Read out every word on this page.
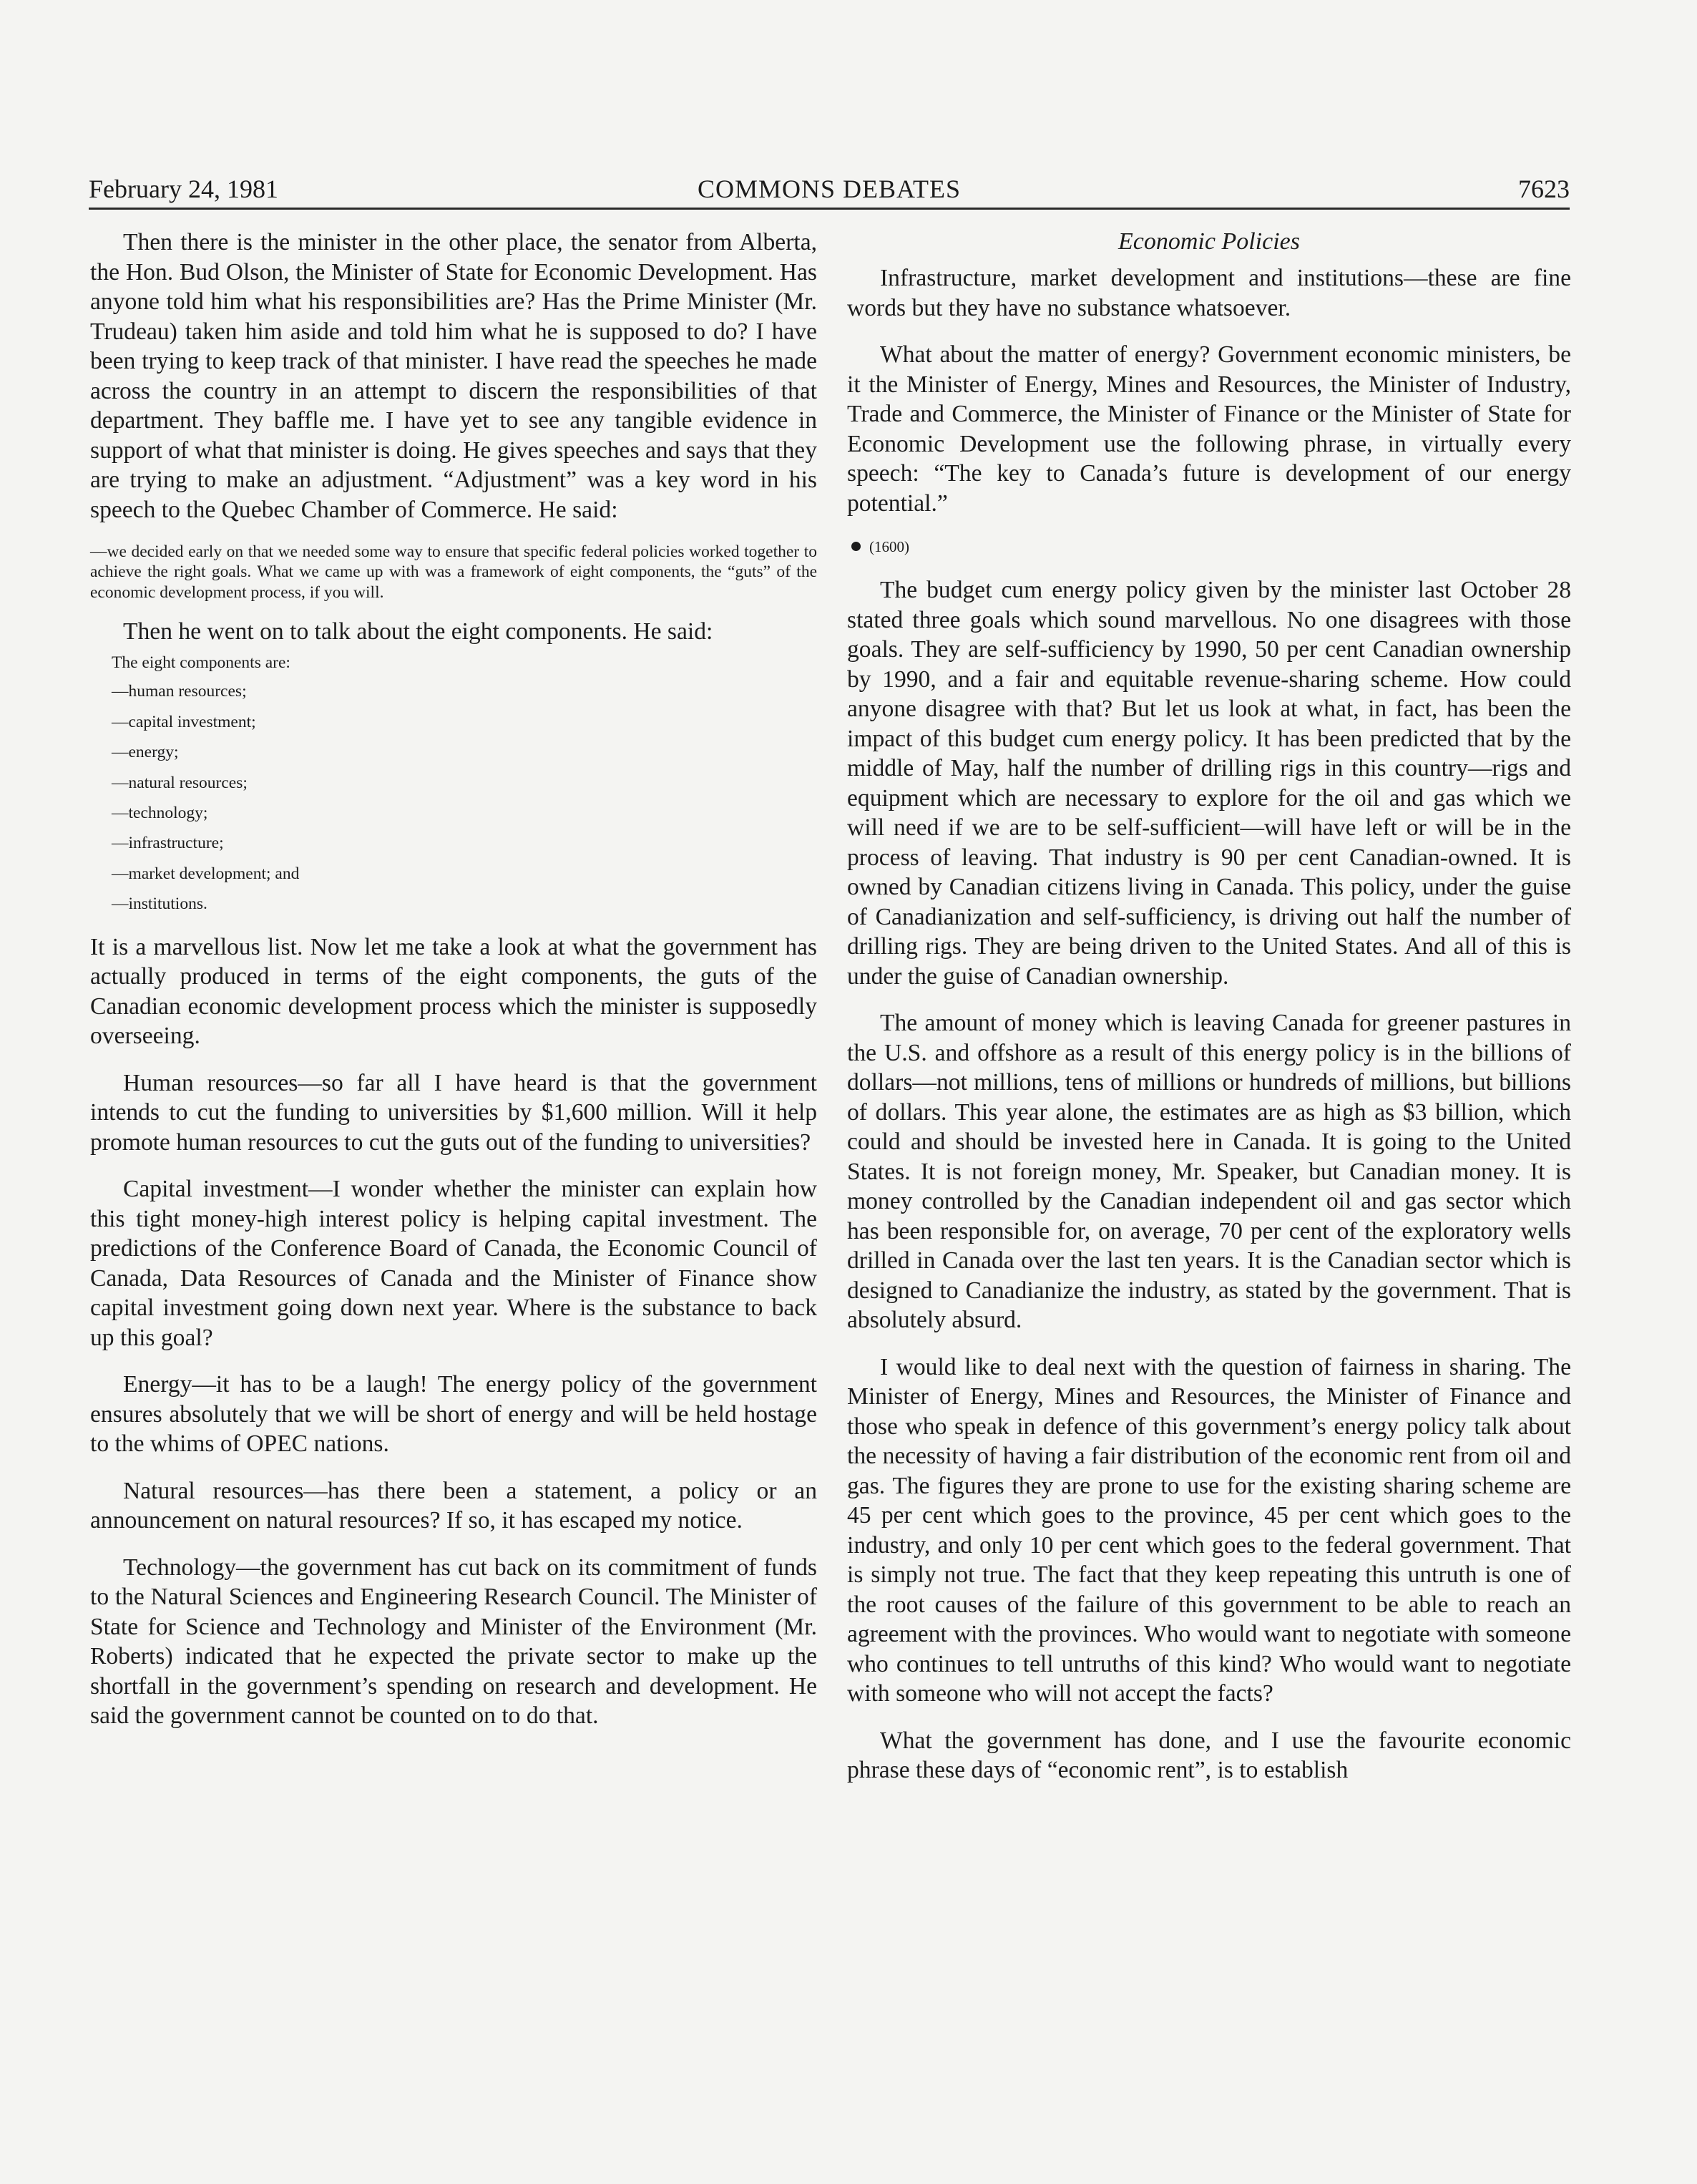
February 24, 1981	COMMONS DEBATES	7623

Then there is the minister in the other place, the senator from Alberta, the Hon. Bud Olson, the Minister of State for Economic Development. Has anyone told him what his responsibilities are? Has the Prime Minister (Mr. Trudeau) taken him aside and told him what he is supposed to do? I have been trying to keep track of that minister. I have read the speeches he made across the country in an attempt to discern the responsibilities of that department. They baffle me. I have yet to see any tangible evidence in support of what that minister is doing. He gives speeches and says that they are trying to make an adjustment. “Adjustment” was a key word in his speech to the Quebec Chamber of Commerce. He said:

—we decided early on that we needed some way to ensure that specific federal policies worked together to achieve the right goals. What we came up with was a framework of eight components, the “guts” of the economic development process, if you will.

Then he went on to talk about the eight components. He said:

The eight components are:
—human resources;
—capital investment;
—energy;
—natural resources;
—technology;
—infrastructure;
—market development; and
—institutions.

It is a marvellous list. Now let me take a look at what the government has actually produced in terms of the eight components, the guts of the Canadian economic development process which the minister is supposedly overseeing.

Human resources—so far all I have heard is that the government intends to cut the funding to universities by $1,600 million. Will it help promote human resources to cut the guts out of the funding to universities?

Capital investment—I wonder whether the minister can explain how this tight money-high interest policy is helping capital investment. The predictions of the Conference Board of Canada, the Economic Council of Canada, Data Resources of Canada and the Minister of Finance show capital investment going down next year. Where is the substance to back up this goal?

Energy—it has to be a laugh! The energy policy of the government ensures absolutely that we will be short of energy and will be held hostage to the whims of OPEC nations.

Natural resources—has there been a statement, a policy or an announcement on natural resources? If so, it has escaped my notice.

Technology—the government has cut back on its commitment of funds to the Natural Sciences and Engineering Research Council. The Minister of State for Science and Technology and Minister of the Environment (Mr. Roberts) indicated that he expected the private sector to make up the shortfall in the government’s spending on research and development. He said the government cannot be counted on to do that.

Economic Policies

Infrastructure, market development and institutions—these are fine words but they have no substance whatsoever.

What about the matter of energy? Government economic ministers, be it the Minister of Energy, Mines and Resources, the Minister of Industry, Trade and Commerce, the Minister of Finance or the Minister of State for Economic Development use the following phrase, in virtually every speech: “The key to Canada’s future is development of our energy potential.”

(1600)

The budget cum energy policy given by the minister last October 28 stated three goals which sound marvellous. No one disagrees with those goals. They are self-sufficiency by 1990, 50 per cent Canadian ownership by 1990, and a fair and equitable revenue-sharing scheme. How could anyone disagree with that? But let us look at what, in fact, has been the impact of this budget cum energy policy. It has been predicted that by the middle of May, half the number of drilling rigs in this country—rigs and equipment which are necessary to explore for the oil and gas which we will need if we are to be self-sufficient—will have left or will be in the process of leaving. That industry is 90 per cent Canadian-owned. It is owned by Canadian citizens living in Canada. This policy, under the guise of Canadianization and self-sufficiency, is driving out half the number of drilling rigs. They are being driven to the United States. And all of this is under the guise of Canadian ownership.

The amount of money which is leaving Canada for greener pastures in the U.S. and offshore as a result of this energy policy is in the billions of dollars—not millions, tens of millions or hundreds of millions, but billions of dollars. This year alone, the estimates are as high as $3 billion, which could and should be invested here in Canada. It is going to the United States. It is not foreign money, Mr. Speaker, but Canadian money. It is money controlled by the Canadian independent oil and gas sector which has been responsible for, on average, 70 per cent of the exploratory wells drilled in Canada over the last ten years. It is the Canadian sector which is designed to Canadianize the industry, as stated by the government. That is absolutely absurd.

I would like to deal next with the question of fairness in sharing. The Minister of Energy, Mines and Resources, the Minister of Finance and those who speak in defence of this government’s energy policy talk about the necessity of having a fair distribution of the economic rent from oil and gas. The figures they are prone to use for the existing sharing scheme are 45 per cent which goes to the province, 45 per cent which goes to the industry, and only 10 per cent which goes to the federal government. That is simply not true. The fact that they keep repeating this untruth is one of the root causes of the failure of this government to be able to reach an agreement with the provinces. Who would want to negotiate with someone who continues to tell untruths of this kind? Who would want to negotiate with someone who will not accept the facts?

What the government has done, and I use the favourite economic phrase these days of “economic rent”, is to establish
